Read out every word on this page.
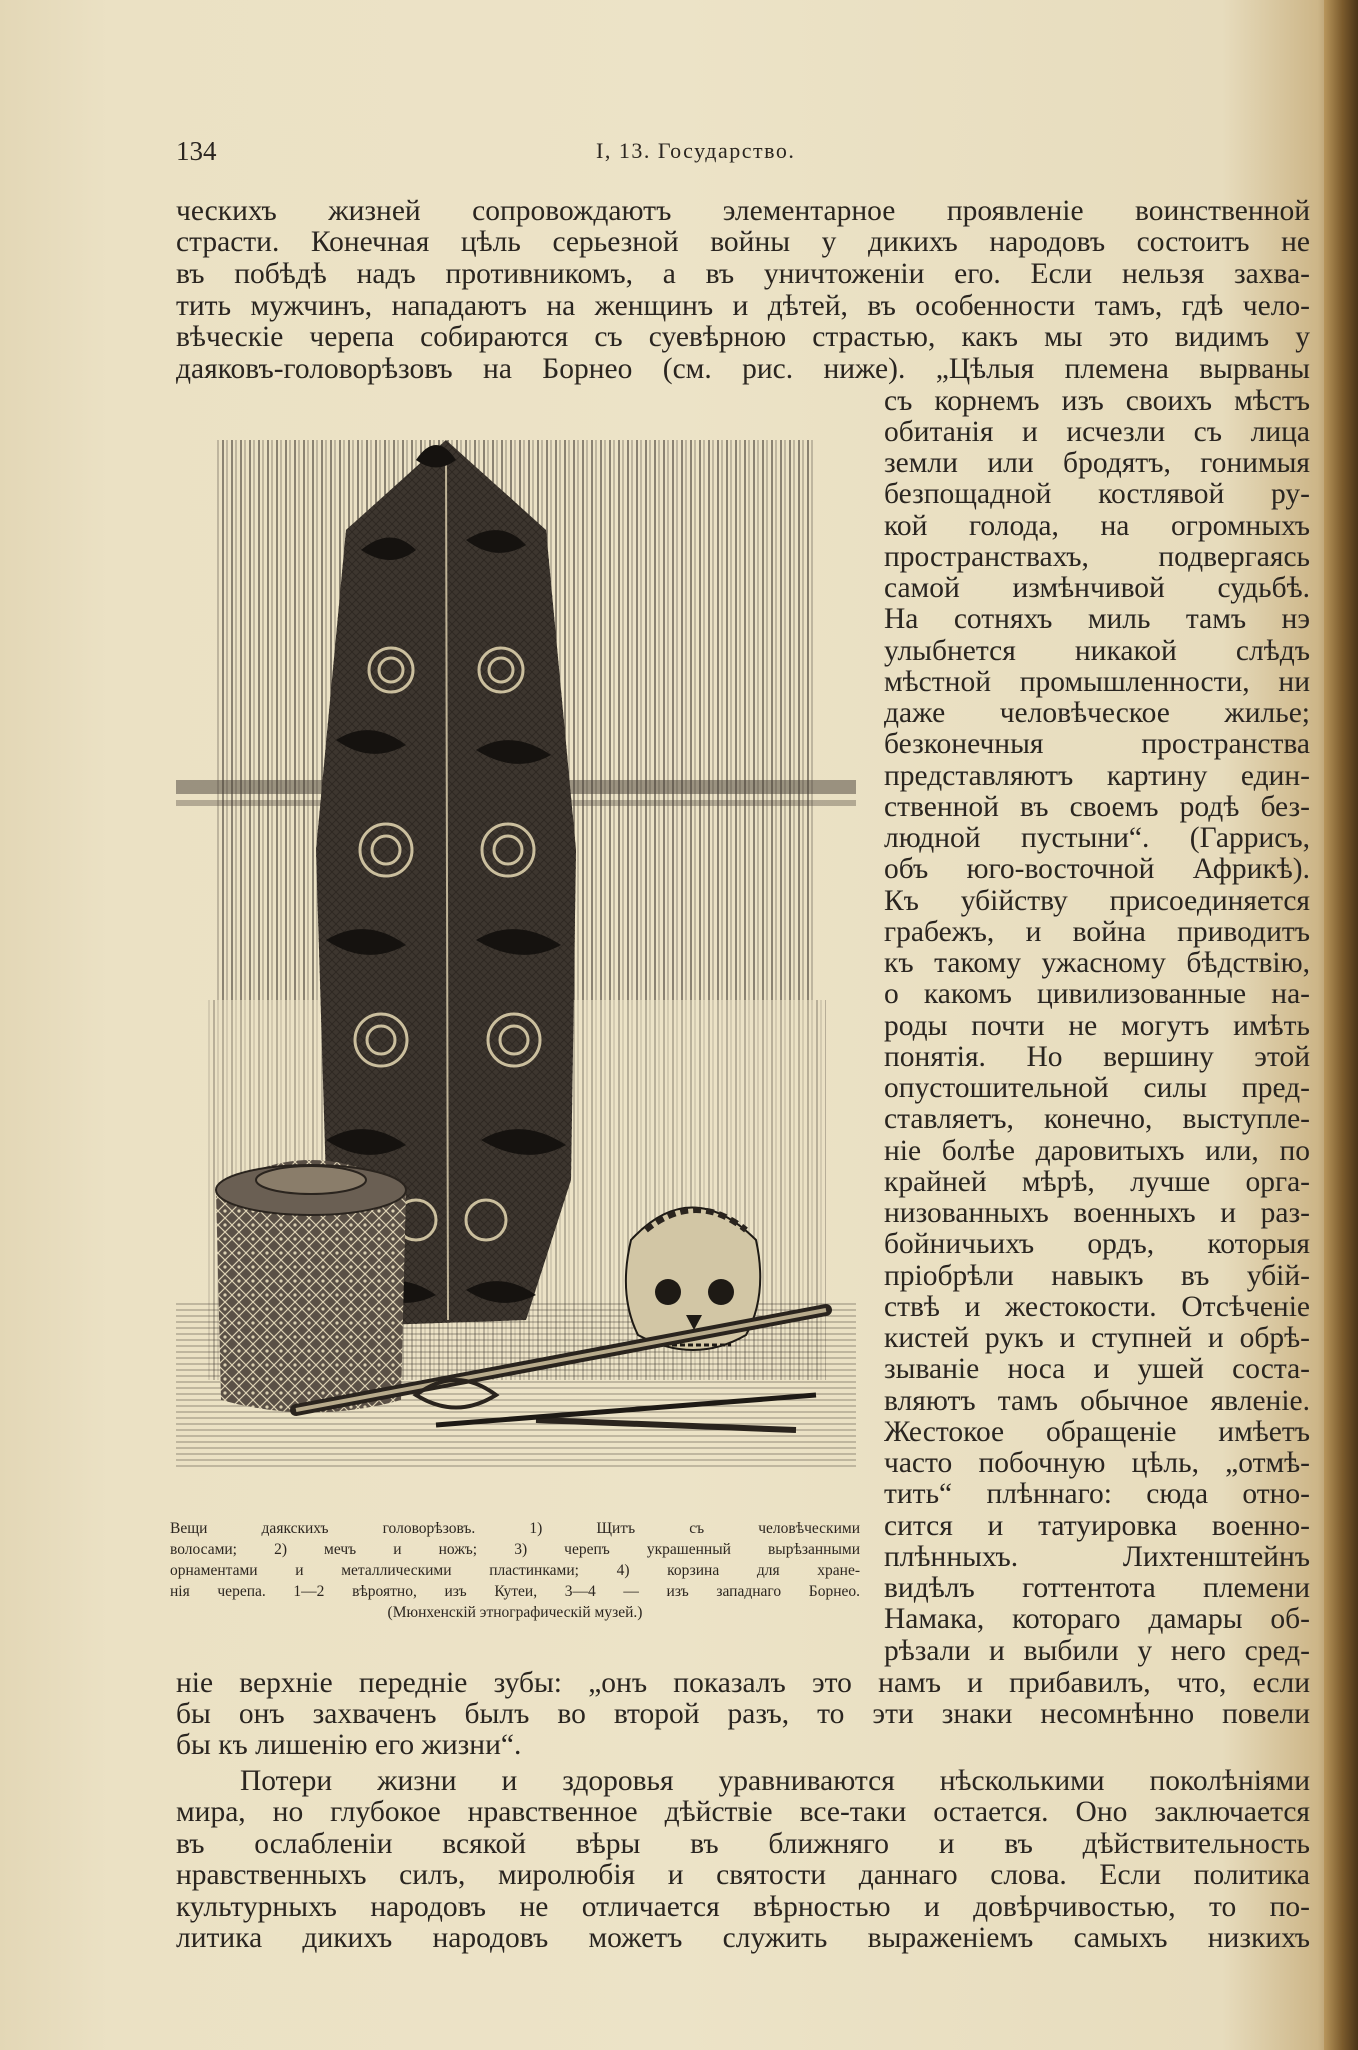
134	I, 13. Государство.
ческихъ жизней сопровождаютъ элементарное проявленіе воинственной
страсти. Конечная цѣль серьезной войны у дикихъ народовъ состоитъ не
въ побѣдѣ надъ противникомъ, а въ уничтоженіи его. Если нельзя захва-
тить мужчинъ, нападаютъ на женщинъ и дѣтей, въ особенности тамъ, гдѣ чело-
вѣческіе черепа собираются съ суевѣрною страстью, какъ мы это видимъ у
даяковъ-головорѣзовъ на Борнео (см. рис. ниже). „Цѣлыя племена вырваны
Вещи даякскихъ головорѣзовъ. 1) Щитъ съ человѣческими
волосами; 2) мечъ и ножъ; 3) черепъ украшенный вырѣзанными
орнаментами и металлическими пластинками; 4) корзина для хране-
нія черепа. 1—2 вѣроятно, изъ Кутеи, 3—4 — изъ западнаго Борнео.
(Мюнхенскій этнографическій музей.)
съ корнемъ изъ своихъ мѣстъ
обитанія и исчезли съ лица
земли или бродятъ, гонимыя
безпощадной костлявой ру-
кой голода, на огромныхъ
пространствахъ, подвергаясь
самой измѣнчивой судьбѣ.
На сотняхъ миль тамъ нэ
улыбнется никакой слѣдъ
мѣстной промышленности, ни
даже человѣческое жилье;
безконечныя пространства
представляютъ картину един-
ственной въ своемъ родѣ без-
людной пустыни“. (Гаррисъ,
объ юго-восточной Африкѣ).
Къ убійству присоединяется
грабежъ, и война приводитъ
къ такому ужасному бѣдствію,
о какомъ цивилизованные на-
роды почти не могутъ имѣть
понятія. Но вершину этой
опустошительной силы пред-
ставляетъ, конечно, выступле-
ніе болѣе даровитыхъ или, по
крайней мѣрѣ, лучше орга-
низованныхъ военныхъ и раз-
бойничьихъ ордъ, которыя
пріобрѣли навыкъ въ убій-
ствѣ и жестокости. Отсѣченіе
кистей рукъ и ступней и обрѣ-
зываніе носа и ушей соста-
вляютъ тамъ обычное явленіе.
Жестокое обращеніе имѣетъ
часто побочную цѣль, „отмѣ-
тить“ плѣннаго: сюда отно-
сится и татуировка военно-
плѣнныхъ. Лихтенштейнъ
видѣлъ готтентота племени
Намака, котораго дамары об-
рѣзали и выбили у него сред-
ніе верхніе передніе зубы: „онъ показалъ это намъ и прибавилъ, что, если
бы онъ захваченъ былъ во второй разъ, то эти знаки несомнѣнно повели
бы къ лишенію его жизни“.
Потери жизни и здоровья уравниваются нѣсколькими поколѣніями
мира, но глубокое нравственное дѣйствіе все-таки остается. Оно заключается
въ ослабленіи всякой вѣры въ ближняго и въ дѣйствительность
нравственныхъ силъ, миролюбія и святости даннаго слова. Если политика
культурныхъ народовъ не отличается вѣрностью и довѣрчивостью, то по-
литика дикихъ народовъ можетъ служить выраженіемъ самыхъ низкихъ
